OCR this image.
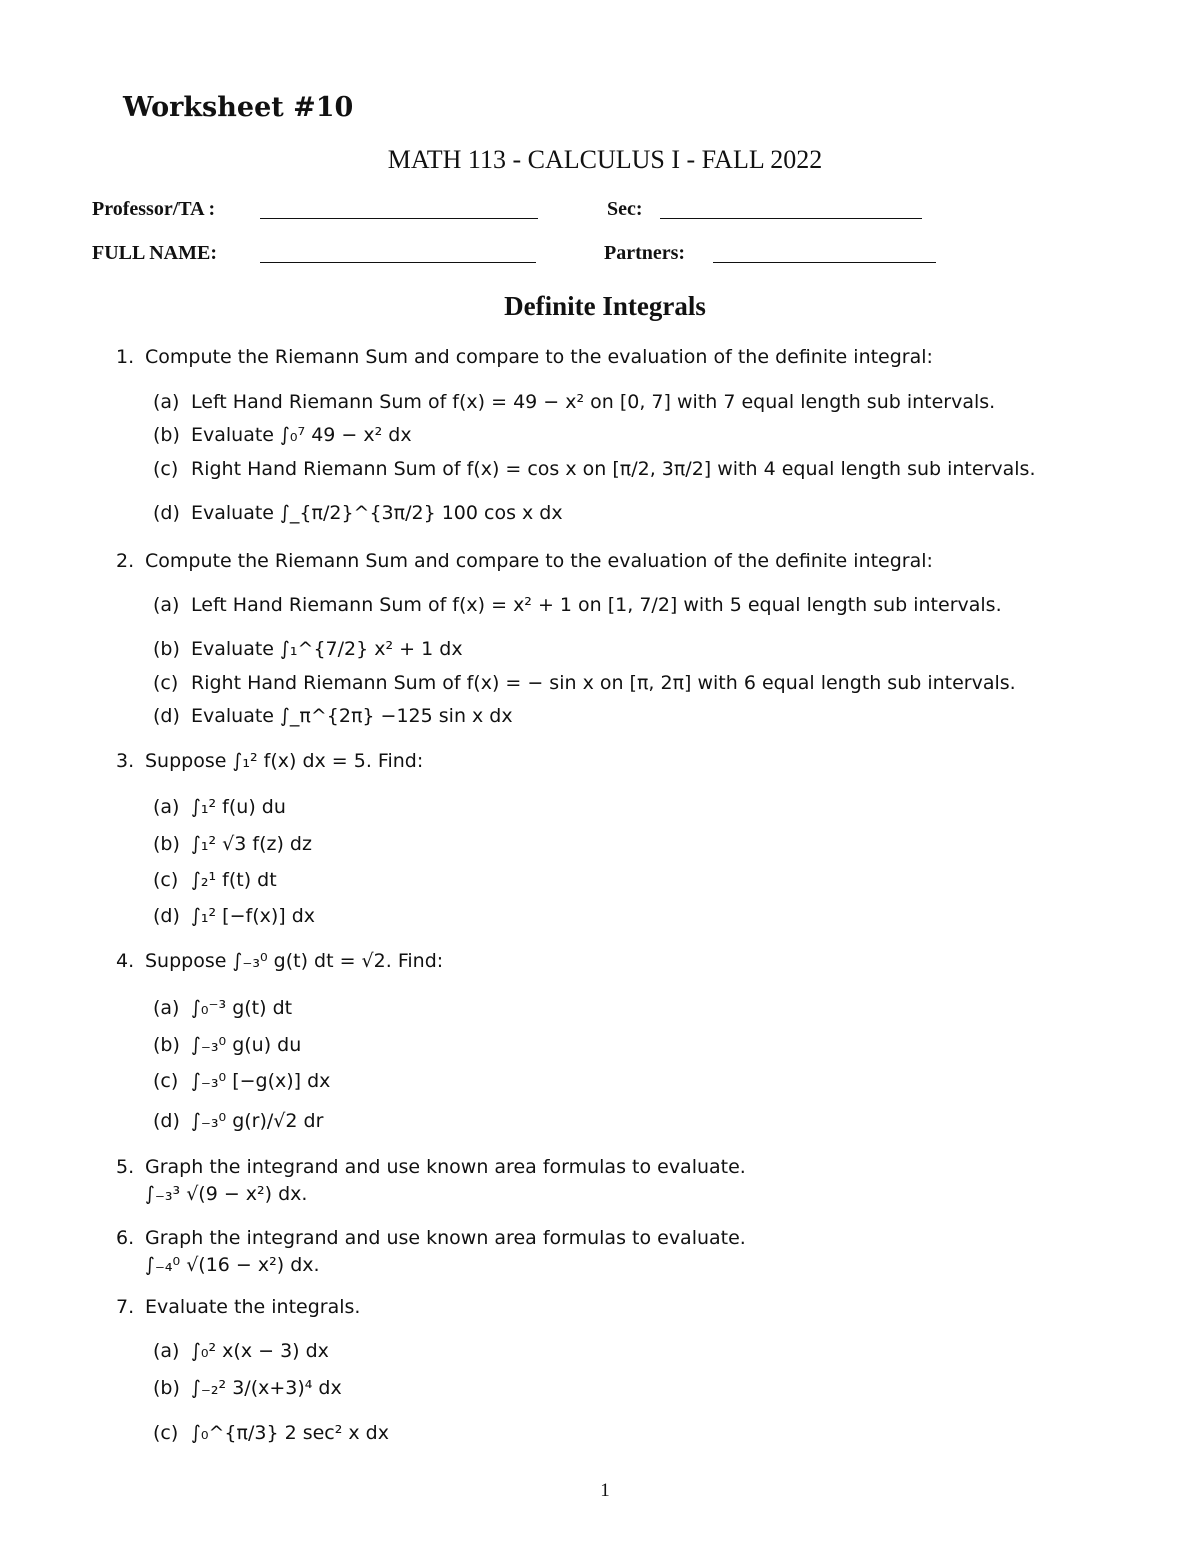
Worksheet #10
MATH 113 - CALCULUS I - FALL 2022
Professor/TA :	Sec:
FULL NAME:	Partners:
Definite Integrals
1. Compute the Riemann Sum and compare to the evaluation of the definite integral:
(a) Left Hand Riemann Sum of f(x) = 49 − x² on [0, 7] with 7 equal length sub intervals.
(b) Evaluate ∫₀⁷ 49 − x² dx
(c) Right Hand Riemann Sum of f(x) = cos x on [π/2, 3π/2] with 4 equal length sub intervals.
(d) Evaluate ∫_{π/2}^{3π/2} 100 cos x dx
2. Compute the Riemann Sum and compare to the evaluation of the definite integral:
(a) Left Hand Riemann Sum of f(x) = x² + 1 on [1, 7/2] with 5 equal length sub intervals.
(b) Evaluate ∫₁^{7/2} x² + 1 dx
(c) Right Hand Riemann Sum of f(x) = − sin x on [π, 2π] with 6 equal length sub intervals.
(d) Evaluate ∫_π^{2π} −125 sin x dx
3. Suppose ∫₁² f(x) dx = 5. Find:
(a) ∫₁² f(u) du
(b) ∫₁² √3 f(z) dz
(c) ∫₂¹ f(t) dt
(d) ∫₁² [−f(x)] dx
4. Suppose ∫₋₃⁰ g(t) dt = √2. Find:
(a) ∫₀⁻³ g(t) dt
(b) ∫₋₃⁰ g(u) du
(c) ∫₋₃⁰ [−g(x)] dx
(d) ∫₋₃⁰ g(r)/√2 dr
5. Graph the integrand and use known area formulas to evaluate.
∫₋₃³ √(9 − x²) dx.
6. Graph the integrand and use known area formulas to evaluate.
∫₋₄⁰ √(16 − x²) dx.
7. Evaluate the integrals.
(a) ∫₀² x(x − 3) dx
(b) ∫₋₂² 3/(x+3)⁴ dx
(c) ∫₀^{π/3} 2 sec² x dx
1
